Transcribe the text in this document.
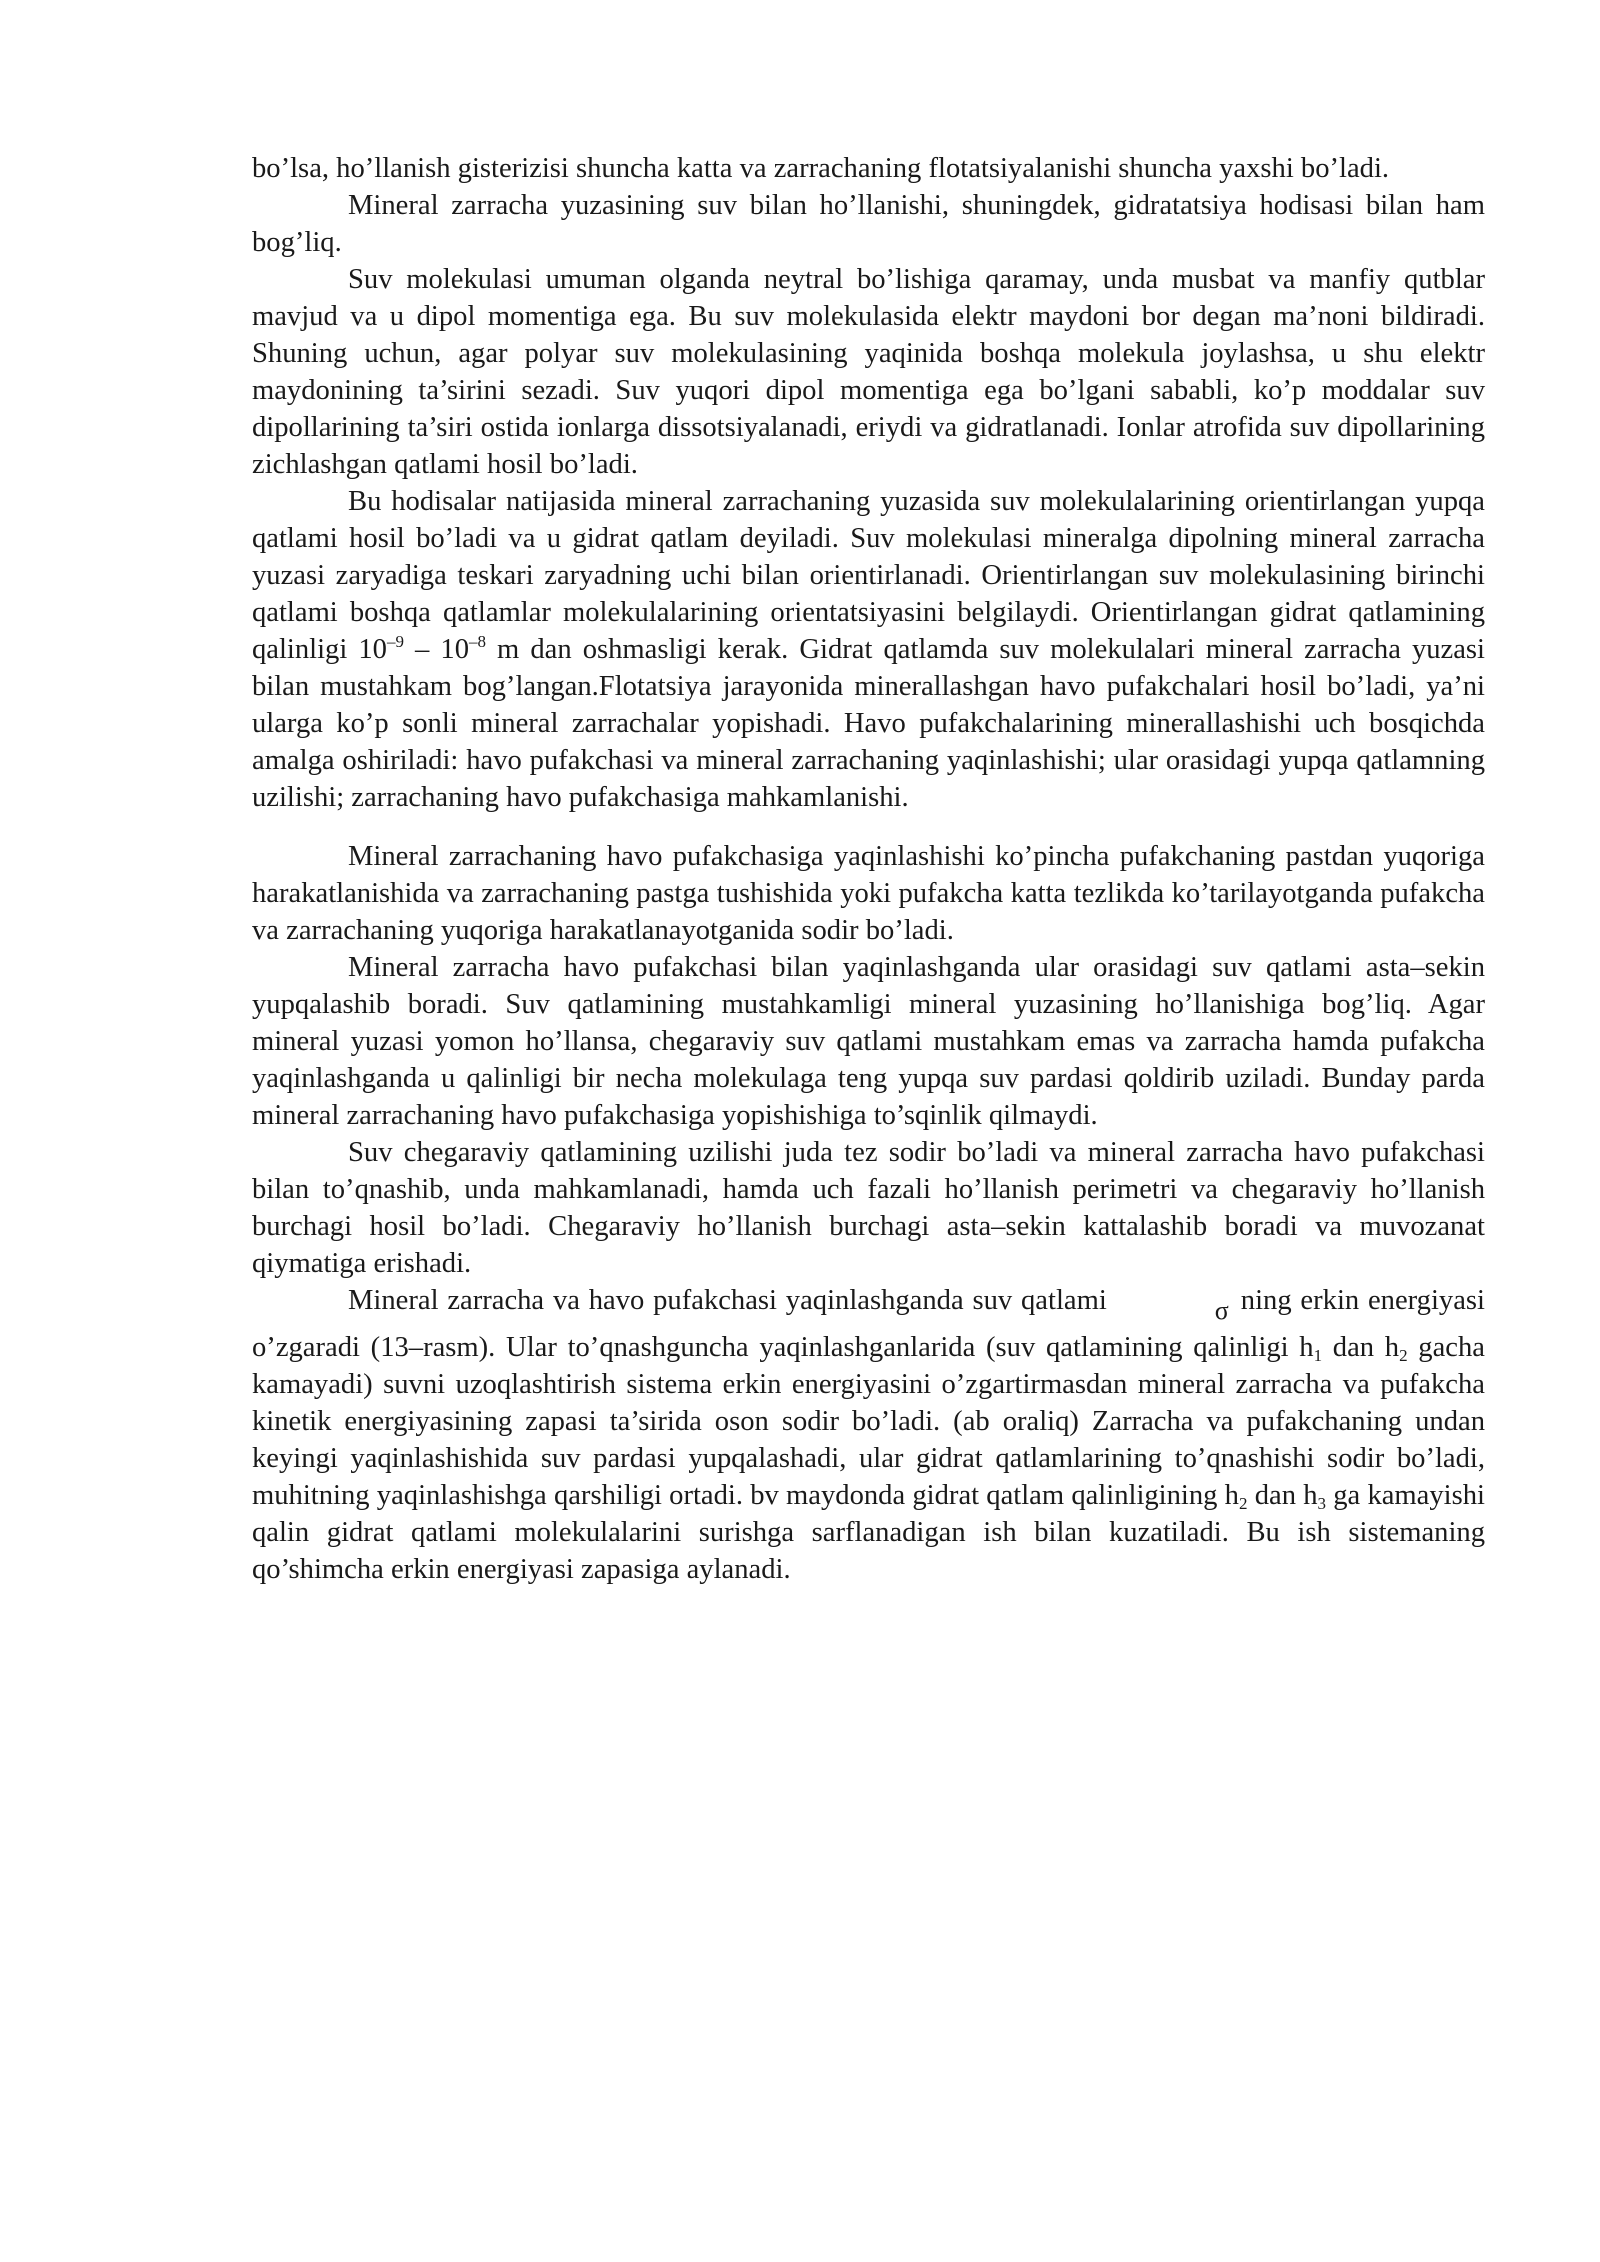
bo’lsa, ho’llanish gisterizisi shuncha katta va zarrachaning flotatsiyalanishi shuncha yaxshi bo’ladi.

Mineral zarracha yuzasining suv bilan ho’llanishi, shuningdek, gidratatsiya hodisasi bilan ham bog’liq.

Suv molekulasi umuman olganda neytral bo’lishiga qaramay, unda musbat va manfiy qutblar mavjud va u dipol momentiga ega. Bu suv molekulasida elektr maydoni bor degan ma’noni bildiradi. Shuning uchun, agar polyar suv molekulasining yaqinida boshqa molekula joylashsa, u shu elektr maydonining ta’sirini sezadi. Suv yuqori dipol momentiga ega bo’lgani sababli, ko’p moddalar suv dipollarining ta’siri ostida ionlarga dissotsiyalanadi, eriydi va gidratlanadi. Ionlar atrofida suv dipollarining zichlashgan qatlami hosil bo’ladi.

Bu hodisalar natijasida mineral zarrachaning yuzasida suv molekulalarining orientirlangan yupqa qatlami hosil bo’ladi va u gidrat qatlam deyiladi. Suv molekulasi mineralga dipolning mineral zarracha yuzasi zaryadiga teskari zaryadning uchi bilan orientirlanadi. Orientirlangan suv molekulasining birinchi qatlami boshqa qatlamlar molekulalarining orientatsiyasini belgilaydi. Orientirlangan gidrat qatlamining qalinligi $10^{-9} - 10^{-8}$ m dan oshmasligi kerak. Gidrat qatlamda suv molekulalari mineral zarracha yuzasi bilan mustahkam bog’langan.Flotatsiya jarayonida minerallashgan havo pufakchalari hosil bo’ladi, ya’ni ularga ko’p sonli mineral zarrachalar yopishadi. Havo pufakchalarining minerallashishi uch bosqichda amalga oshiriladi: havo pufakchasi va mineral zarrachaning yaqinlashishi; ular orasidagi yupqa qatlamning uzilishi; zarrachaning havo pufakchasiga mahkamlanishi.

Mineral zarrachaning havo pufakchasiga yaqinlashishi ko’pincha pufakchaning pastdan yuqoriga harakatlanishida va zarrachaning pastga tushishida yoki pufakcha katta tezlikda ko’tarilayotganda pufakcha va zarrachaning yuqoriga harakatlanayotganida sodir bo’ladi.

Mineral zarracha havo pufakchasi bilan yaqinlashganda ular orasidagi suv qatlami asta–sekin yupqalashib boradi. Suv qatlamining mustahkamligi mineral yuzasining ho’llanishiga bog’liq. Agar mineral yuzasi yomon ho’llansa, chegaraviy suv qatlami mustahkam emas va zarracha hamda pufakcha yaqinlashganda u qalinligi bir necha molekulaga teng yupqa suv pardasi qoldirib uziladi. Bunday parda mineral zarrachaning havo pufakchasiga yopishishiga to’sqinlik qilmaydi.

Suv chegaraviy qatlamining uzilishi juda tez sodir bo’ladi va mineral zarracha havo pufakchasi bilan to’qnashib, unda mahkamlanadi, hamda uch fazali ho’llanish perimetri va chegaraviy ho’llanish burchagi hosil bo’ladi. Chegaraviy ho’llanish burchagi asta–sekin kattalashib boradi va muvozanat qiymatiga erishadi.

Mineral zarracha va havo pufakchasi yaqinlashganda suv qatlami	σ ning erkin energiyasi o’zgaradi (13–rasm). Ular to’qnashguncha yaqinlashganlarida (suv qatlamining qalinligi $h_1$ dan $h_2$ gacha kamayadi) suvni uzoqlashtirish sistema erkin energiyasini o’zgartirmasdan mineral zarracha va pufakcha kinetik energiyasining zapasi ta’sirida oson sodir bo’ladi. (ab oraliq) Zarracha va pufakchaning undan keyingi yaqinlashishida suv pardasi yupqalashadi, ular gidrat qatlamlarining to’qnashishi sodir bo’ladi, muhitning yaqinlashishga qarshiligi ortadi. bv maydonda gidrat qatlam qalinligining $h_2$ dan $h_3$ ga kamayishi qalin gidrat qatlami molekulalarini surishga sarflanadigan ish bilan kuzatiladi. Bu ish sistemaning qo’shimcha erkin energiyasi zapasiga aylanadi.
